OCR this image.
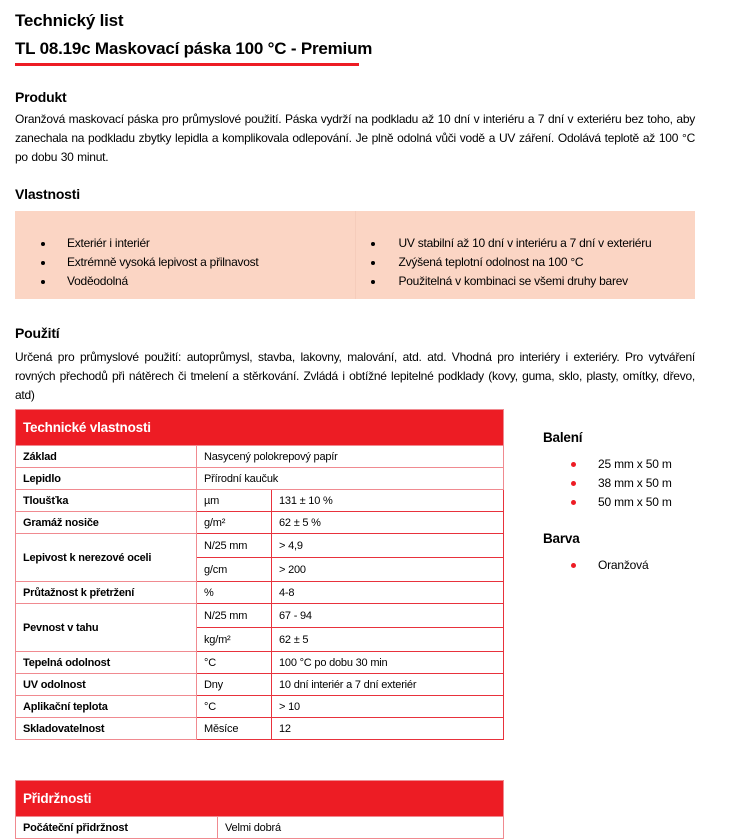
Technický list
TL 08.19c Maskovací páska 100 °C - Premium
Produkt
Oranžová maskovací páska pro průmyslové použití. Páska vydrží na podkladu až 10 dní v interiéru a 7 dní v exteriéru bez toho, aby zanechala na podkladu zbytky lepidla a komplikovala odlepování. Je plně odolná vůči vodě a UV záření. Odolává teplotě až 100 °C po dobu 30 minut.
Vlastnosti
Exteriér i interiér
Extrémně vysoká lepivost a přilnavost
Voděodolná
UV stabilní až 10 dní v interiéru a 7 dní v exteriéru
Zvýšená teplotní odolnost na 100 °C
Použitelná v kombinaci se všemi druhy barev
Použití
Určená pro průmyslové použití: autoprůmysl, stavba, lakovny, malování, atd. atd. Vhodná pro interiéry i exteriéry. Pro vytváření rovných přechodů při nátěrech či tmelení a stěrkování. Zvládá i obtížné lepitelné podklady (kovy, guma, sklo, plasty, omítky, dřevo, atd)
Technické vlastnosti		
Základ	Nasycený polokrepový papír	
Lepidlo	Přírodní kaučuk	
Tloušťka	µm	131 ± 10 %
Gramáž nosiče	g/m²	62 ± 5 %
Lepivost k nerezové oceli	N/25 mm	> 4,9
	g/cm	> 200
Průtažnost k přetržení	%	4-8
Pevnost v tahu	N/25 mm	67 - 94
	kg/m²	62 ± 5
Tepelná odolnost	°C	100 °C po dobu 30 min
UV odolnost	Dny	10 dní interiér a 7 dní exteriér
Aplikační teplota	°C	> 10
Skladovatelnost	Měsíce	12
Přidržnosti
Počáteční přidržnost	Velmi dobrá
Balení
25 mm x 50 m
38 mm x 50 m
50 mm x 50 m
Barva
Oranžová
